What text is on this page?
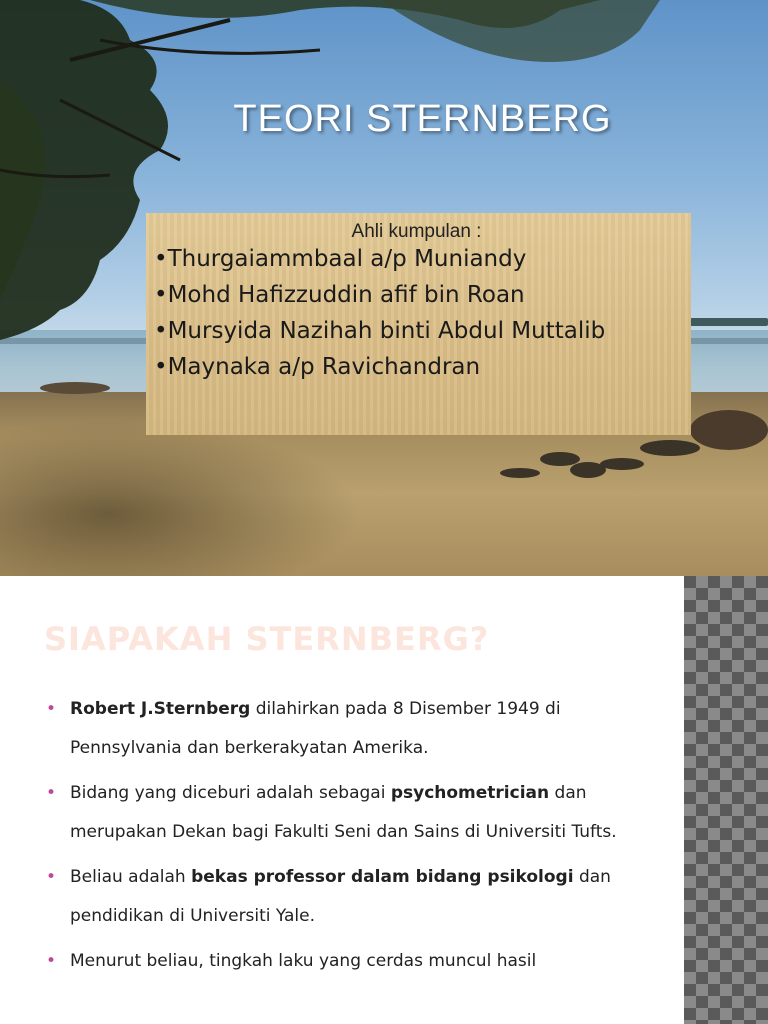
TEORI STERNBERG
Ahli kumpulan :
• Thurgaiammbaal a/p Muniandy
• Mohd Hafizzuddin afif bin Roan
• Mursyida Nazihah binti Abdul Muttalib
• Maynaka a/p Ravichandran
SIAPAKAH STERNBERG?
• Robert J.Sternberg dilahirkan pada 8 Disember 1949 di Pennsylvania dan berkerakyatan Amerika.
• Bidang yang diceburi adalah sebagai psychometrician dan merupakan Dekan bagi Fakulti Seni dan Sains di Universiti Tufts.
• Beliau adalah bekas professor dalam bidang psikologi dan pendidikan di Universiti Yale.
• Menurut beliau, tingkah laku yang cerdas muncul hasil
